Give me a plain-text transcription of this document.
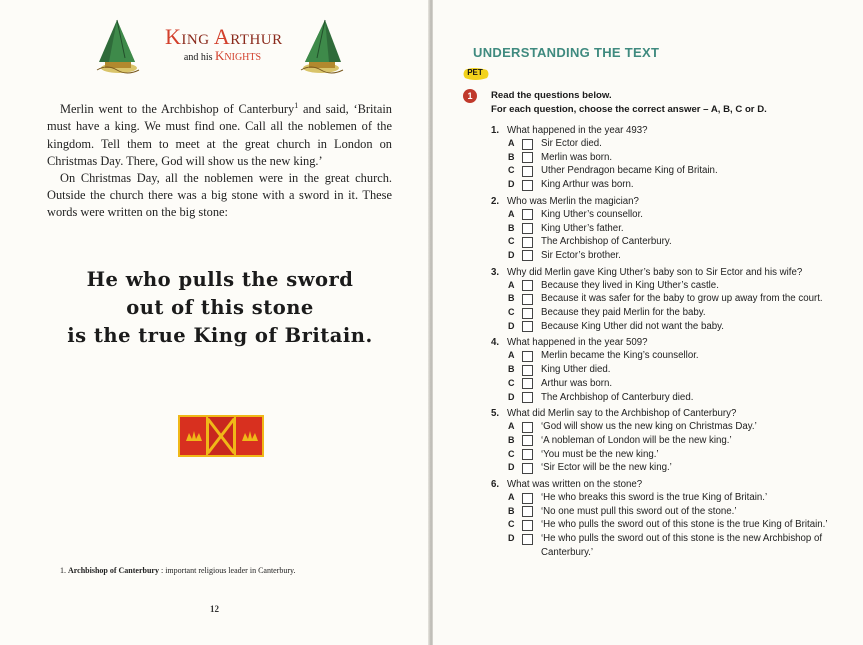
KING ARTHUR
and his KNIGHTS

Merlin went to the Archbishop of Canterbury$^1$ and said, ‘Britain must have a king. We must find one. Call all the noblemen of the kingdom. Tell them to meet at the great church in London on Christmas Day. There, God will show us the new king.’

On Christmas Day, all the noblemen were in the great church. Outside the church there was a big stone with a sword in it. These words were written on the big stone:

He who pulls the sword
out of this stone
is the true King of Britain.
1. Archbishop of Canterbury : important religious leader in Canterbury.
12
UNDERSTANDING THE TEXT
PET
1	Read the questions below.
For each question, choose the correct answer – A, B, C or D.
1. What happened in the year 493?
A	Sir Ector died.
B	Merlin was born.
C	Uther Pendragon became King of Britain.
D	King Arthur was born.
2. Who was Merlin the magician?
A	King Uther’s counsellor.
B	King Uther’s father.
C	The Archbishop of Canterbury.
D	Sir Ector’s brother.
3. Why did Merlin gave King Uther’s baby son to Sir Ector and his wife?
A	Because they lived in King Uther’s castle.
B	Because it was safer for the baby to grow up away from the court.
C	Because they paid Merlin for the baby.
D	Because King Uther did not want the baby.
4. What happened in the year 509?
A	Merlin became the King’s counsellor.
B	King Uther died.
C	Arthur was born.
D	The Archbishop of Canterbury died.
5. What did Merlin say to the Archbishop of Canterbury?
A	‘God will show us the new king on Christmas Day.’
B	‘A nobleman of London will be the new king.’
C	‘You must be the new king.’
D	‘Sir Ector will be the new king.’
6. What was written on the stone?
A	‘He who breaks this sword is the true King of Britain.’
B	‘No one must pull this sword out of the stone.’
C	‘He who pulls the sword out of this stone is the true King of Britain.’
D	‘He who pulls the sword out of this stone is the new Archbishop of Canterbury.’
